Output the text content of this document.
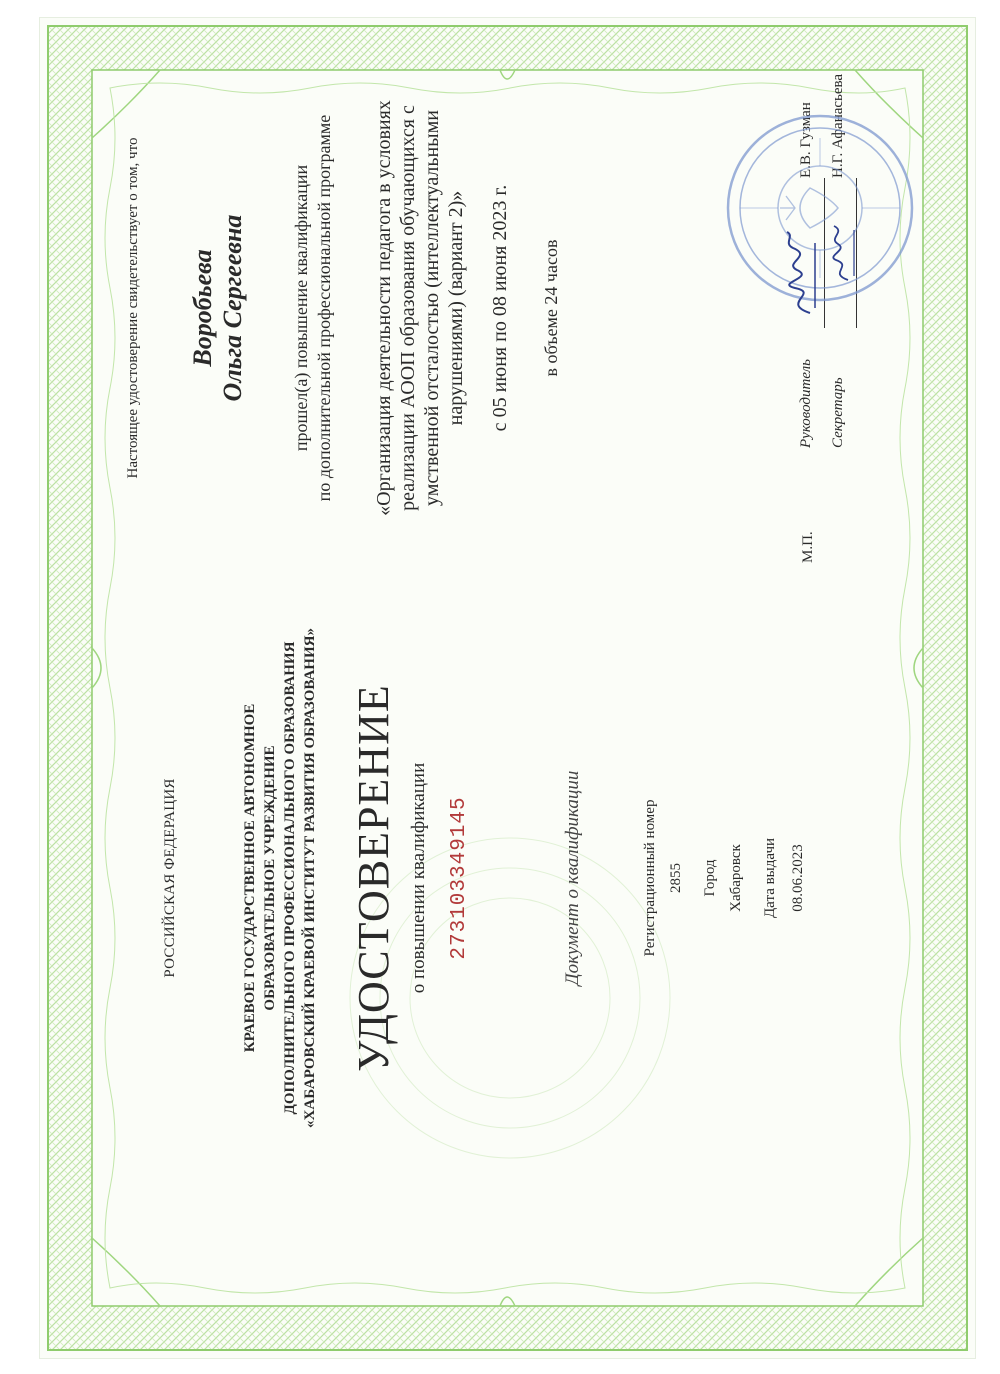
РОССИЙСКАЯ ФЕДЕРАЦИЯ	КРАЕВОЕ ГОСУДАРСТВЕННОЕ АВТОНОМНОЕ ОБРАЗОВАТЕЛЬНОЕ УЧРЕЖДЕНИЕ ДОПОЛНИТЕЛЬНОГО ПРОФЕССИОНАЛЬНОГО ОБРАЗОВАНИЯ «ХАБАРОВСКИЙ КРАЕВОЙ ИНСТИТУТ РАЗВИТИЯ ОБРАЗОВАНИЯ» УДОСТОВЕРЕНИЕ о повышении квалификации 273103349145	Документ о квалификации	Регистрационный номер 2855 Город Хабаровск Дата выдачи 08.06.2023
Настоящее удостоверение свидетельствует о том, что Воробьева Ольга Сергеевна прошел(а) повышение квалификации по дополнительной профессиональной программе «Организация деятельности педагога в условиях реализации АООП образования обучающихся с умственной отсталостью (интеллектуальными нарушениями) (вариант 2)» с 05 июня по 08 июня 2023 г. в объеме 24 часов
М.П.
Руководитель
Е.В. Гузман
Секретарь
Н.Г. Афанасьева
